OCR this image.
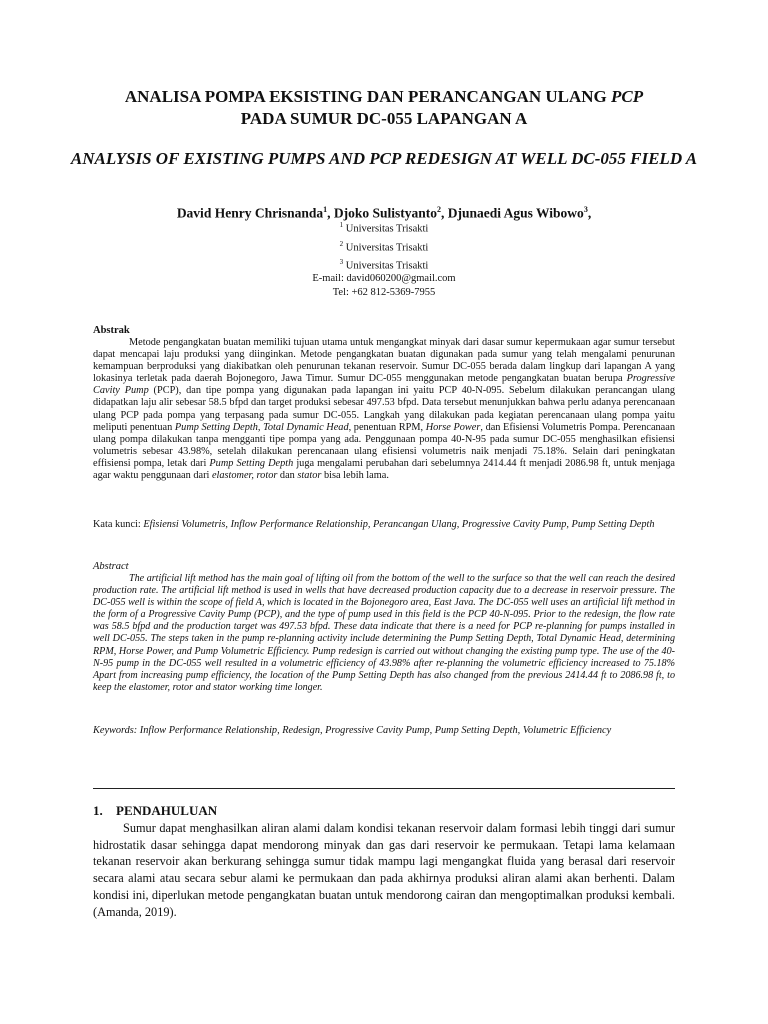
ANALISA POMPA EKSISTING DAN PERANCANGAN ULANG PCP
PADA SUMUR DC-055 LAPANGAN A
ANALYSIS OF EXISTING PUMPS AND PCP REDESIGN AT WELL DC-055 FIELD A
David Henry Chrisnanda$^1$, Djoko Sulistyanto$^2$, Djunaedi Agus Wibowo$^3$,
$^1$ Universitas Trisakti
$^2$ Universitas Trisakti
$^3$ Universitas Trisakti
E-mail: david060200@gmail.com
Tel: +62 812-5369-7955
Abstrak
Metode pengangkatan buatan memiliki tujuan utama untuk mengangkat minyak dari dasar sumur kepermukaan agar sumur tersebut dapat mencapai laju produksi yang diinginkan. Metode pengangkatan buatan digunakan pada sumur yang telah mengalami penurunan kemampuan berproduksi yang diakibatkan oleh penurunan tekanan reservoir. Sumur DC-055 berada dalam lingkup dari lapangan A yang lokasinya terletak pada daerah Bojonegoro, Jawa Timur. Sumur DC-055 menggunakan metode pengangkatan buatan berupa Progressive Cavity Pump (PCP), dan tipe pompa yang digunakan pada lapangan ini yaitu PCP 40-N-095. Sebelum dilakukan perancangan ulang didapatkan laju alir sebesar 58.5 bfpd dan target produksi sebesar 497.53 bfpd. Data tersebut menunjukkan bahwa perlu adanya perencanaan ulang PCP pada pompa yang terpasang pada sumur DC-055. Langkah yang dilakukan pada kegiatan perencanaan ulang pompa yaitu meliputi penentuan Pump Setting Depth, Total Dynamic Head, penentuan RPM, Horse Power, dan Efisiensi Volumetris Pompa. Perencanaan ulang pompa dilakukan tanpa mengganti tipe pompa yang ada. Penggunaan pompa 40-N-95 pada sumur DC-055 menghasilkan efisiensi volumetris sebesar 43.98%, setelah dilakukan perencanaan ulang efisiensi volumetris naik menjadi 75.18%. Selain dari peningkatan effisiensi pompa, letak dari Pump Setting Depth juga mengalami perubahan dari sebelumnya 2414.44 ft menjadi 2086.98 ft, untuk menjaga agar waktu penggunaan dari elastomer, rotor dan stator bisa lebih lama.
Kata kunci: Efisiensi Volumetris, Inflow Performance Relationship, Perancangan Ulang, Progressive Cavity Pump, Pump Setting Depth
Abstract
The artificial lift method has the main goal of lifting oil from the bottom of the well to the surface so that the well can reach the desired production rate. The artificial lift method is used in wells that have decreased production capacity due to a decrease in reservoir pressure. The DC-055 well is within the scope of field A, which is located in the Bojonegoro area, East Java. The DC-055 well uses an artificial lift method in the form of a Progressive Cavity Pump (PCP), and the type of pump used in this field is the PCP 40-N-095. Prior to the redesign, the flow rate was 58.5 bfpd and the production target was 497.53 bfpd. These data indicate that there is a need for PCP re-planning for pumps installed in well DC-055. The steps taken in the pump re-planning activity include determining the Pump Setting Depth, Total Dynamic Head, determining RPM, Horse Power, and Pump Volumetric Efficiency. Pump redesign is carried out without changing the existing pump type. The use of the 40-N-95 pump in the DC-055 well resulted in a volumetric efficiency of 43.98% after re-planning the volumetric efficiency increased to 75.18% Apart from increasing pump efficiency, the location of the Pump Setting Depth has also changed from the previous 2414.44 ft to 2086.98 ft, to keep the elastomer, rotor and stator working time longer.
Keywords: Inflow Performance Relationship, Redesign, Progressive Cavity Pump, Pump Setting Depth, Volumetric Efficiency
1. PENDAHULUAN
Sumur dapat menghasilkan aliran alami dalam kondisi tekanan reservoir dalam formasi lebih tinggi dari sumur hidrostatik dasar sehingga dapat mendorong minyak dan gas dari reservoir ke permukaan. Tetapi lama kelamaan tekanan reservoir akan berkurang sehingga sumur tidak mampu lagi mengangkat fluida yang berasal dari reservoir secara alami atau secara sebur alami ke permukaan dan pada akhirnya produksi aliran alami akan berhenti. Dalam kondisi ini, diperlukan metode pengangkatan buatan untuk mendorong cairan dan mengoptimalkan produksi kembali. (Amanda, 2019).
